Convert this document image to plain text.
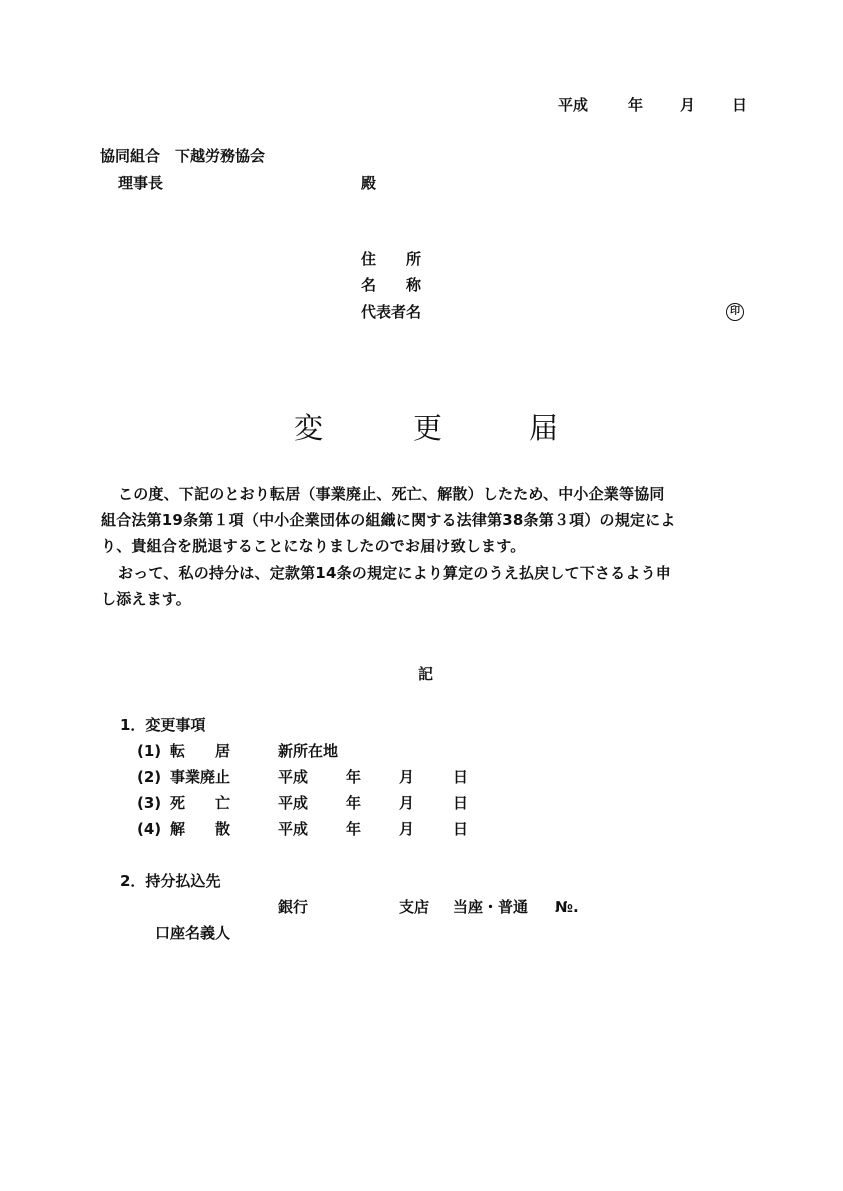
平成	年 月 日
協同組合　下越労務協会
理事長	殿
住　　所
名　　称
代表者名	印
変	更	届
この度、下記のとおり転居（事業廃止、死亡、解散）したため、中小企業等協同
組合法第19条第１項（中小企業団体の組織に関する法律第38条第３項）の規定によ
り、貴組合を脱退することになりましたのでお届け致します。
おって、私の持分は、定款第14条の規定により算定のうえ払戻して下さるよう申
し添えます。
記
1．変更事項
(1) 転　　居	新所在地
(2) 事業廃止	平成	年	月	日
(3) 死　　亡	平成	年	月	日
(4) 解　　散	平成	年	月	日
2．持分払込先
銀行	支店 当座・普通 №.
口座名義人
